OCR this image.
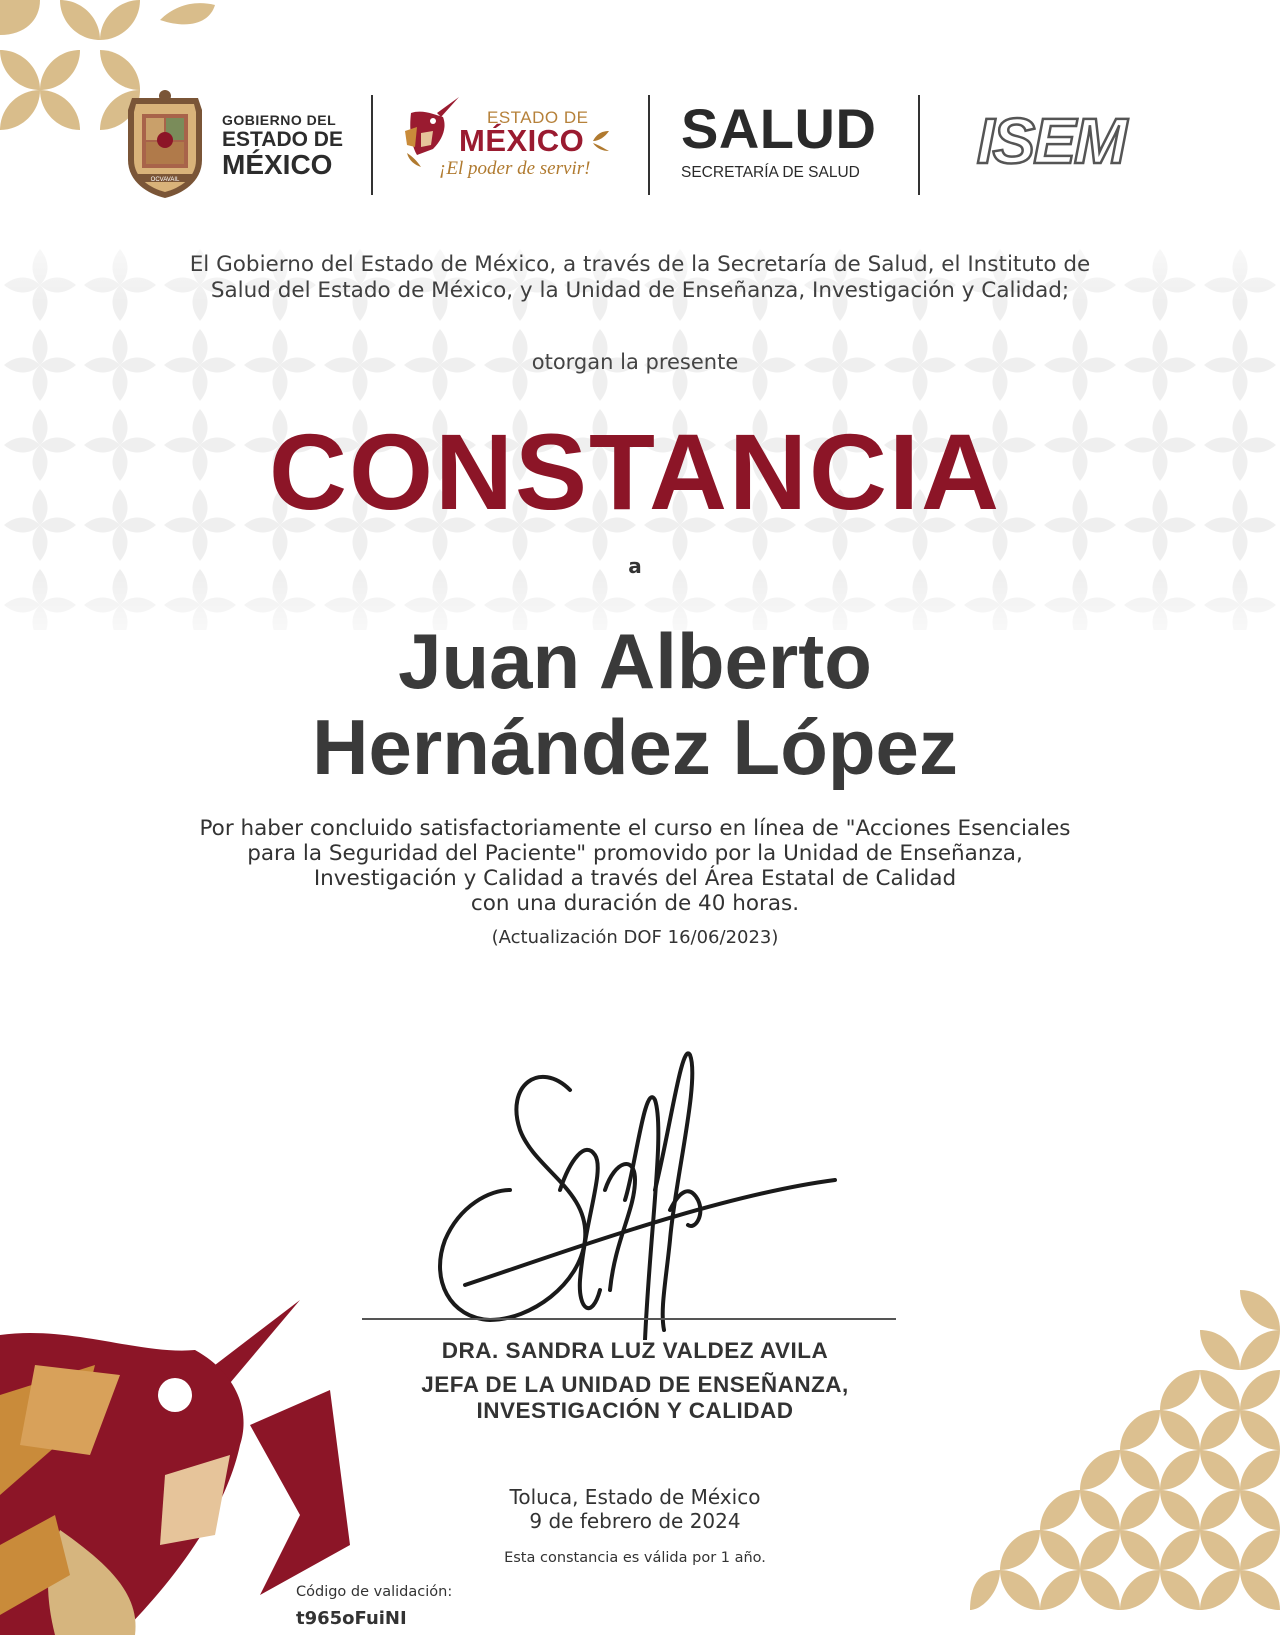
OCVAVAIL
GOBIERNO DEL
ESTADO DE
MÉXICO
ESTADO DE
MÉXICO
¡El poder de servir!
SALUD
SECRETARÍA DE SALUD ISEM
El Gobierno del Estado de México, a través de la Secretaría de Salud, el Instituto de
Salud del Estado de México, y la Unidad de Enseñanza, Investigación y Calidad;
otorgan la presente
CONSTANCIA
a
Juan Alberto
Hernández López
Por haber concluido satisfactoriamente el curso en línea de "Acciones Esenciales
para la Seguridad del Paciente" promovido por la Unidad de Enseñanza,
Investigación y Calidad a través del Área Estatal de Calidad
con una duración de 40 horas.
(Actualización DOF 16/06/2023)
DRA. SANDRA LUZ VALDEZ AVILA
JEFA DE LA UNIDAD DE ENSEÑANZA,
INVESTIGACIÓN Y CALIDAD
Toluca, Estado de México
9 de febrero de 2024
Esta constancia es válida por 1 año.
Código de validación:
t965oFuiNI
